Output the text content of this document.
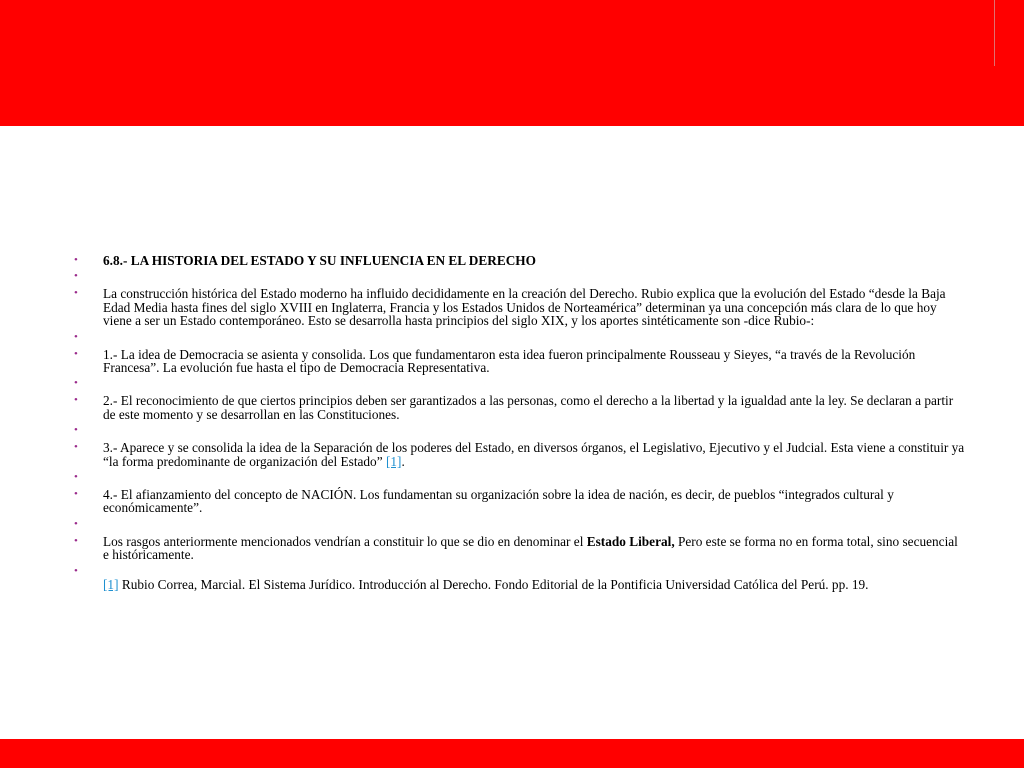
• 6.8.- LA HISTORIA DEL ESTADO Y SU INFLUENCIA EN EL DERECHO
•
• La construcción histórica del Estado moderno ha influido decididamente en la creación del Derecho. Rubio explica que la evolución del Estado “desde la Baja Edad Media hasta fines del siglo XVIII en Inglaterra, Francia y los Estados Unidos de Norteamérica” determinan ya una concepción más clara de lo que hoy viene a ser un Estado contemporáneo. Esto se desarrolla hasta principios del siglo XIX, y los aportes sintéticamente son -dice Rubio-:
•
• 1.- La idea de Democracia se asienta y consolida. Los que fundamentaron esta idea fueron principalmente Rousseau y Sieyes, “a través de la Revolución Francesa”. La evolución fue hasta el tipo de Democracia Representativa.
•
• 2.- El reconocimiento de que ciertos principios deben ser garantizados a las personas, como el derecho a la libertad y la igualdad ante la ley. Se declaran a partir de este momento y se desarrollan en las Constituciones.
•
• 3.- Aparece y se consolida la idea de la Separación de los poderes del Estado, en diversos órganos, el Legislativo, Ejecutivo y el Judcial. Esta viene a constituir ya “la forma predominante de organización del Estado” [1].
•
• 4.- El afianzamiento del concepto de NACIÓN. Los fundamentan su organización sobre la idea de nación, es decir, de pueblos “integrados cultural y económicamente”.
•
• Los rasgos anteriormente mencionados vendrían a constituir lo que se dio en denominar el Estado Liberal, Pero este se forma no en forma total, sino secuencial e históricamente.
•
[1] Rubio Correa, Marcial. El Sistema Jurídico. Introducción al Derecho. Fondo Editorial de la Pontificia Universidad Católica del Perú. pp. 19.
